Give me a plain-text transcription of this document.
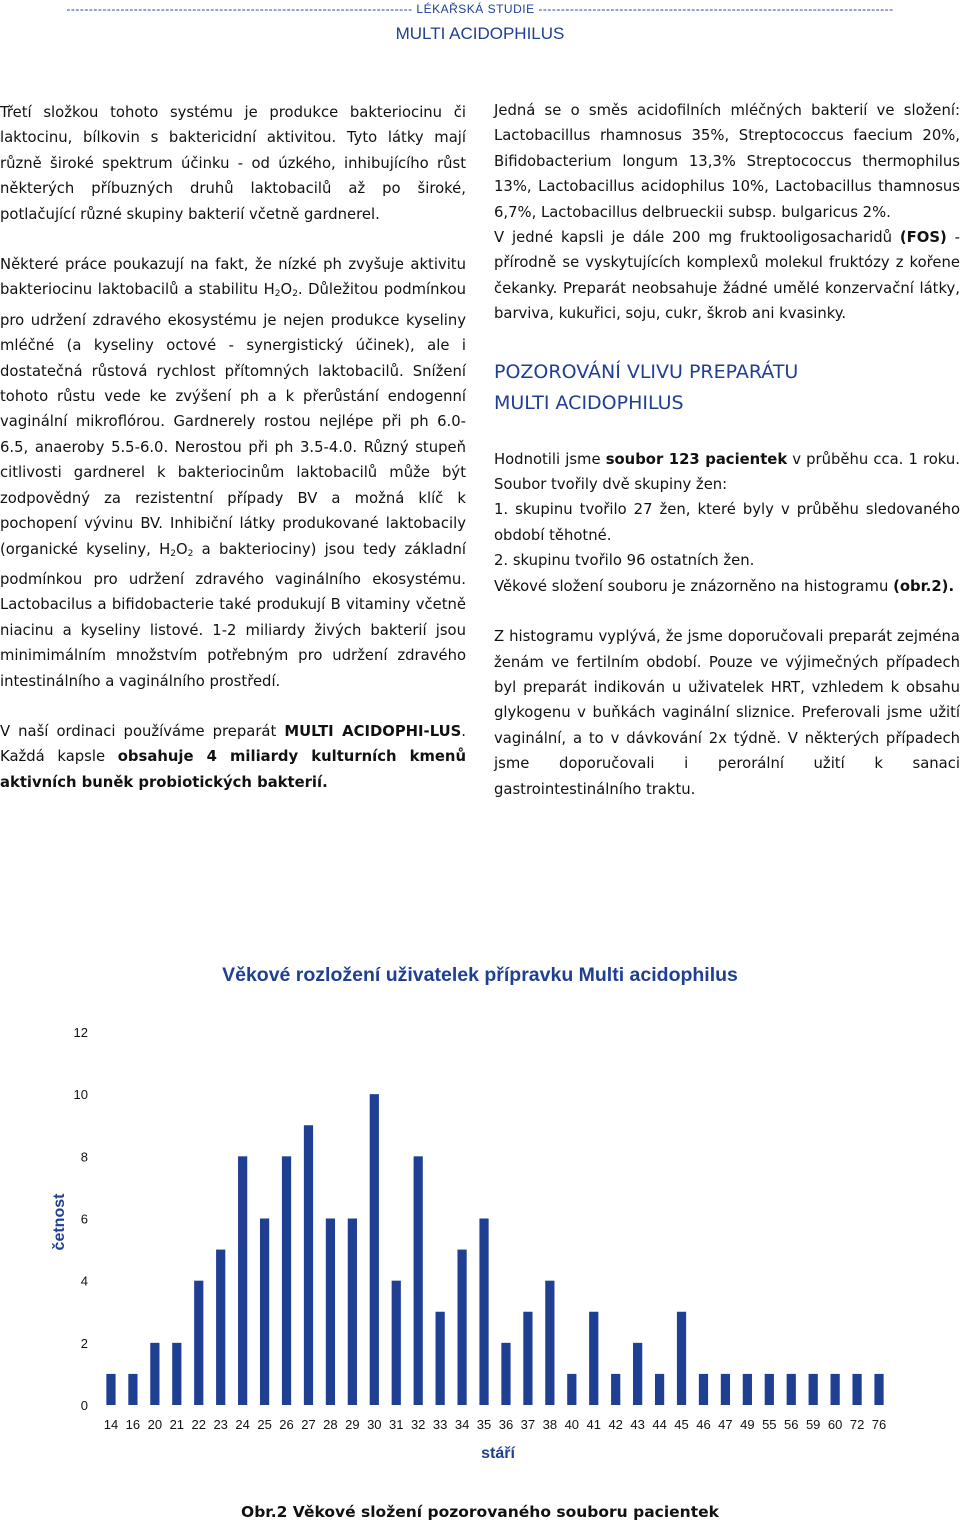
----------------------------------------------------------------------------- LÉKAŘSKÁ STUDIE -------------------------------------------------------------------------------
MULTI ACIDOPHILUS

Třetí složkou tohoto systému je produkce bakteriocinu či laktocinu, bílkovin s baktericidní aktivitou. Tyto látky mají různě široké spektrum účinku - od úzkého, inhibujícího růst některých příbuzných druhů laktobacilů až po široké, potlačující různé skupiny bakterií včetně gardnerel.

Některé práce poukazují na fakt, že nízké ph zvyšuje aktivitu bakteriocinu laktobacilů a stabilitu $H_2O_2$. Důležitou podmínkou pro udržení zdravého ekosystému je nejen produkce kyseliny mléčné (a kyseliny octové - synergistický účinek), ale i dostatečná růstová rychlost přítomných laktobacilů. Snížení tohoto růstu vede ke zvýšení ph a k přerůstání endogenní vaginální mikroflórou. Gardnerely rostou nejlépe při ph 6.0-6.5, anaeroby 5.5-6.0. Nerostou při ph 3.5-4.0. Různý stupeň citlivosti gardnerel k bakteriocinům laktobacilů může být zodpovědný za rezistentní případy BV a možná klíč k pochopení vývinu BV. Inhibiční látky produkované laktobacily (organické kyseliny, $H_2O_2$ a bakteriociny) jsou tedy základní podmínkou pro udržení zdravého vaginálního ekosystému. Lactobacilus a bifidobacterie také produkují B vitaminy včetně niacinu a kyseliny listové. 1-2 miliardy živých bakterií jsou minimimálním množstvím potřebným pro udržení zdravého intestinálního a vaginálního prostředí.

V naší ordinaci používáme preparát MULTI ACIDOPHI-LUS. Každá kapsle obsahuje 4 miliardy kulturních kmenů aktivních buněk probiotických bakterií.

Jedná se o směs acidofilních mléčných bakterií ve složení: Lactobacillus rhamnosus 35%, Streptococcus faecium 20%, Bifidobacterium longum 13,3% Streptococcus thermophilus 13%, Lactobacillus acidophilus 10%, Lactobacillus thamnosus 6,7%, Lactobacillus delbrueckii subsp. bulgaricus 2%.

V jedné kapsli je dále 200 mg fruktooligosacharidů (FOS) - přírodně se vyskytujících komplexů molekul fruktózy z kořene čekanky. Preparát neobsahuje žádné umělé konzervační látky, barviva, kukuřici, soju, cukr, škrob ani kvasinky.

POZOROVÁNÍ VLIVU PREPARÁTU
MULTI ACIDOPHILUS

Hodnotili jsme soubor 123 pacientek v průběhu cca. 1 roku. Soubor tvořily dvě skupiny žen:

1. skupinu tvořilo 27 žen, které byly v průběhu sledovaného období těhotné.

2. skupinu tvořilo 96 ostatních žen.

Věkové složení souboru je znázorněno na histogramu (obr.2).

Z histogramu vyplývá, že jsme doporučovali preparát zejména ženám ve fertilním období. Pouze ve výjimečných případech byl preparát indikován u uživatelek HRT, vzhledem k obsahu glykogenu v buňkách vaginální sliznice. Preferovali jsme užití vaginální, a to v dávkování 2x týdně. V některých případech jsme doporučovali i perorální užití k sanaci gastrointestinálního traktu.

Věkové rozložení uživatelek přípravku Multi acidophilus
0
2
4
6
8
10
12
14 16 20 21 22 23 24 25 26 27 28 29 30 31 32 33 34 35 36 37 38 40 41 42 43 44 45 46 47 49 55 56 59 60 72 76
četnost
stáří
Obr.2 Věkové složení pozorovaného souboru pacientek
